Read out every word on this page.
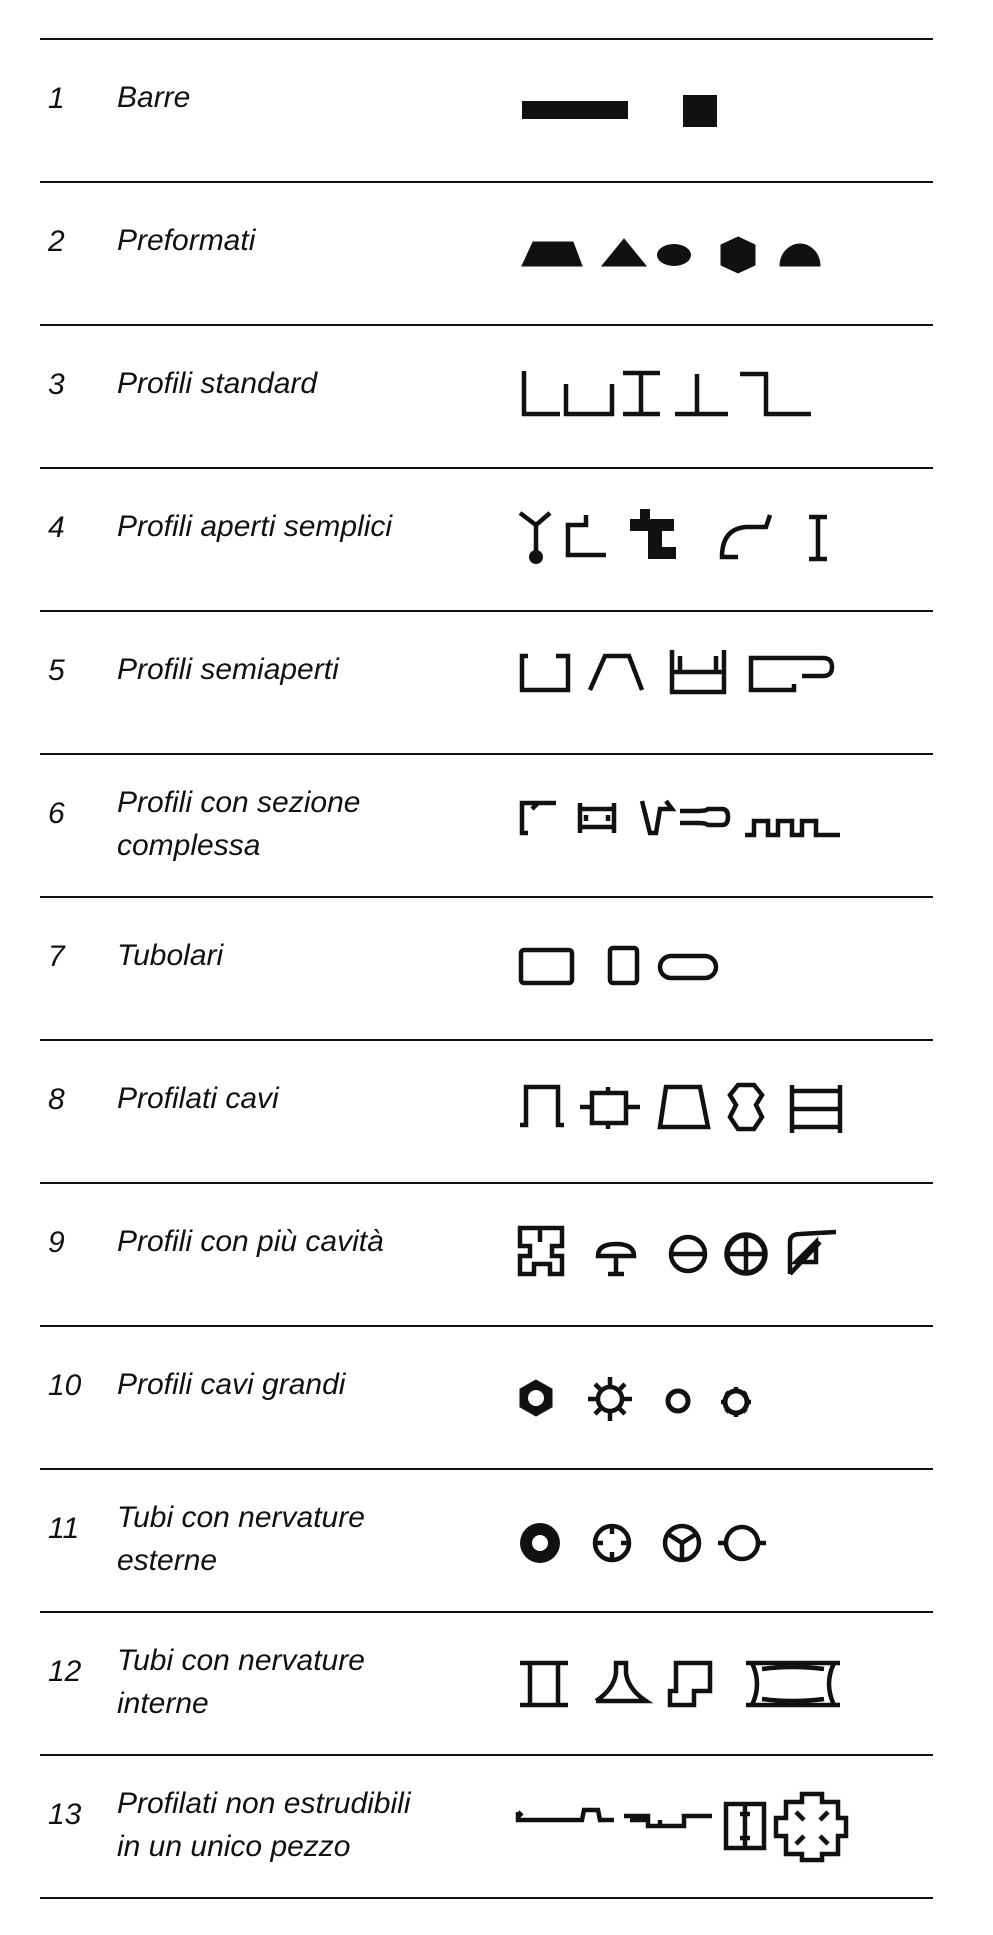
1	Barre
2	Preformati
3	Profili standard
4	Profili aperti semplici
5	Profili semiaperti
6	Profili con sezione
complessa
7	Tubolari
8	Profilati cavi
9	Profili con più cavità
10	Profili cavi grandi
11	Tubi con nervature
esterne
12	Tubi con nervature
interne
13	Profilati non estrudibili
in un unico pezzo
